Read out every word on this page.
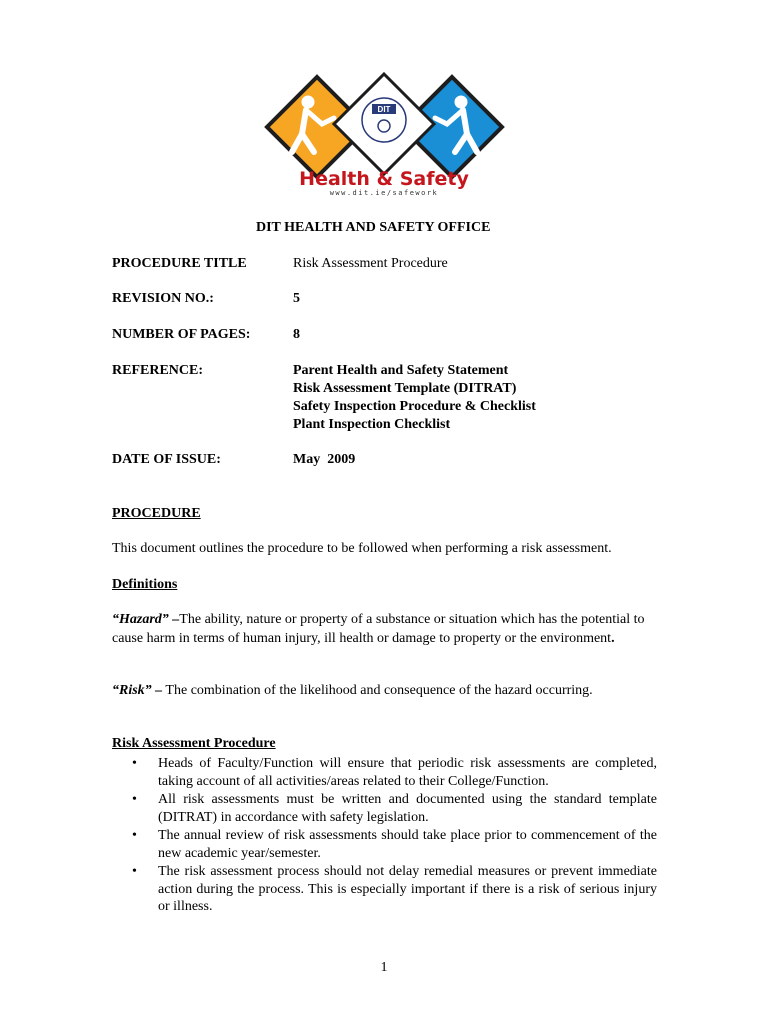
DIT
Health & Safety
www.dit.ie/safework
DIT HEALTH AND SAFETY OFFICE
PROCEDURE TITLE	Risk Assessment Procedure
REVISION NO.:	5
NUMBER OF PAGES:	8
REFERENCE:	Parent Health and Safety Statement
Risk Assessment Template (DITRAT)
Safety Inspection Procedure & Checklist
Plant Inspection Checklist
DATE OF ISSUE:	May  2009
PROCEDURE
This document outlines the procedure to be followed when performing a risk assessment.
Definitions
“Hazard” –The ability, nature or property of a substance or situation which has the potential to cause harm in terms of human injury, ill health or damage to property or the environment.
“Risk” – The combination of the likelihood and consequence of the hazard occurring.
Risk Assessment Procedure
• Heads of Faculty/Function will ensure that periodic risk assessments are completed, taking account of all activities/areas related to their College/Function.
• All risk assessments must be written and documented using the standard template (DITRAT) in accordance with safety legislation.
• The annual review of risk assessments should take place prior to commencement of the new academic year/semester.
• The risk assessment process should not delay remedial measures or prevent immediate action during the process. This is especially important if there is a risk of serious injury or illness.
1
